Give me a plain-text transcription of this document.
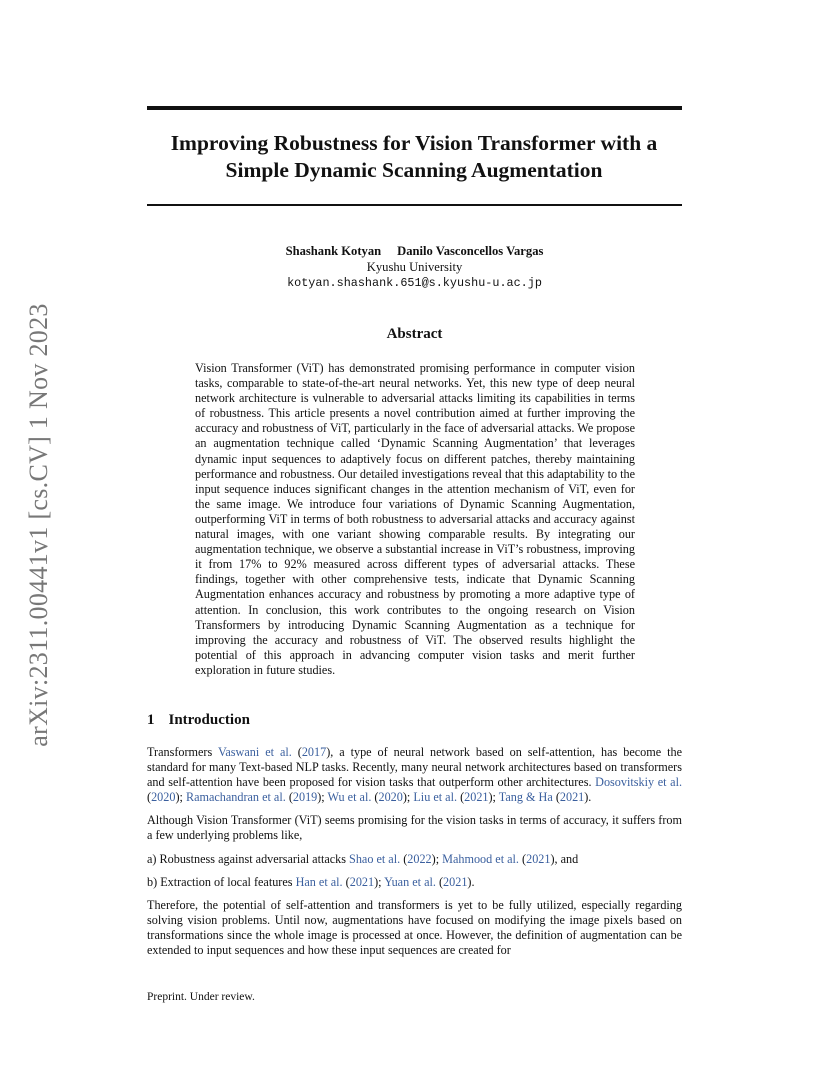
arXiv:2311.00441v1 [cs.CV] 1 Nov 2023
Improving Robustness for Vision Transformer with a
Simple Dynamic Scanning Augmentation
Shashank Kotyan Danilo Vasconcellos Vargas
Kyushu University
kotyan.shashank.651@s.kyushu-u.ac.jp
Abstract
Vision Transformer (ViT) has demonstrated promising performance in computer vision tasks, comparable to state-of-the-art neural networks. Yet, this new type of deep neural network architecture is vulnerable to adversarial attacks limiting its capabilities in terms of robustness. This article presents a novel contribution aimed at further improving the accuracy and robustness of ViT, particularly in the face of adversarial attacks. We propose an augmentation technique called ‘Dynamic Scanning Augmentation’ that leverages dynamic input sequences to adaptively focus on different patches, thereby maintaining performance and robustness. Our detailed investigations reveal that this adaptability to the input sequence induces significant changes in the attention mechanism of ViT, even for the same image. We introduce four variations of Dynamic Scanning Augmentation, outperforming ViT in terms of both robustness to adversarial attacks and accuracy against natural images, with one variant showing comparable results. By integrating our augmentation technique, we observe a substantial increase in ViT’s robustness, improving it from 17% to 92% measured across different types of adversarial attacks. These findings, together with other comprehensive tests, indicate that Dynamic Scanning Augmentation enhances accuracy and robustness by promoting a more adaptive type of attention. In conclusion, this work contributes to the ongoing research on Vision Transformers by introducing Dynamic Scanning Augmentation as a technique for improving the accuracy and robustness of ViT. The observed results highlight the potential of this approach in advancing computer vision tasks and merit further exploration in future studies.
1 Introduction

Transformers Vaswani et al. (2017), a type of neural network based on self-attention, has become the standard for many Text-based NLP tasks. Recently, many neural network architectures based on transformers and self-attention have been proposed for vision tasks that outperform other architectures. Dosovitskiy et al. (2020); Ramachandran et al. (2019); Wu et al. (2020); Liu et al. (2021); Tang & Ha (2021).

Although Vision Transformer (ViT) seems promising for the vision tasks in terms of accuracy, it suffers from a few underlying problems like,

a) Robustness against adversarial attacks Shao et al. (2022); Mahmood et al. (2021), and

b) Extraction of local features Han et al. (2021); Yuan et al. (2021).

Therefore, the potential of self-attention and transformers is yet to be fully utilized, especially regarding solving vision problems. Until now, augmentations have focused on modifying the image pixels based on transformations since the whole image is processed at once. However, the definition of augmentation can be extended to input sequences and how these input sequences are created for

Preprint. Under review.
